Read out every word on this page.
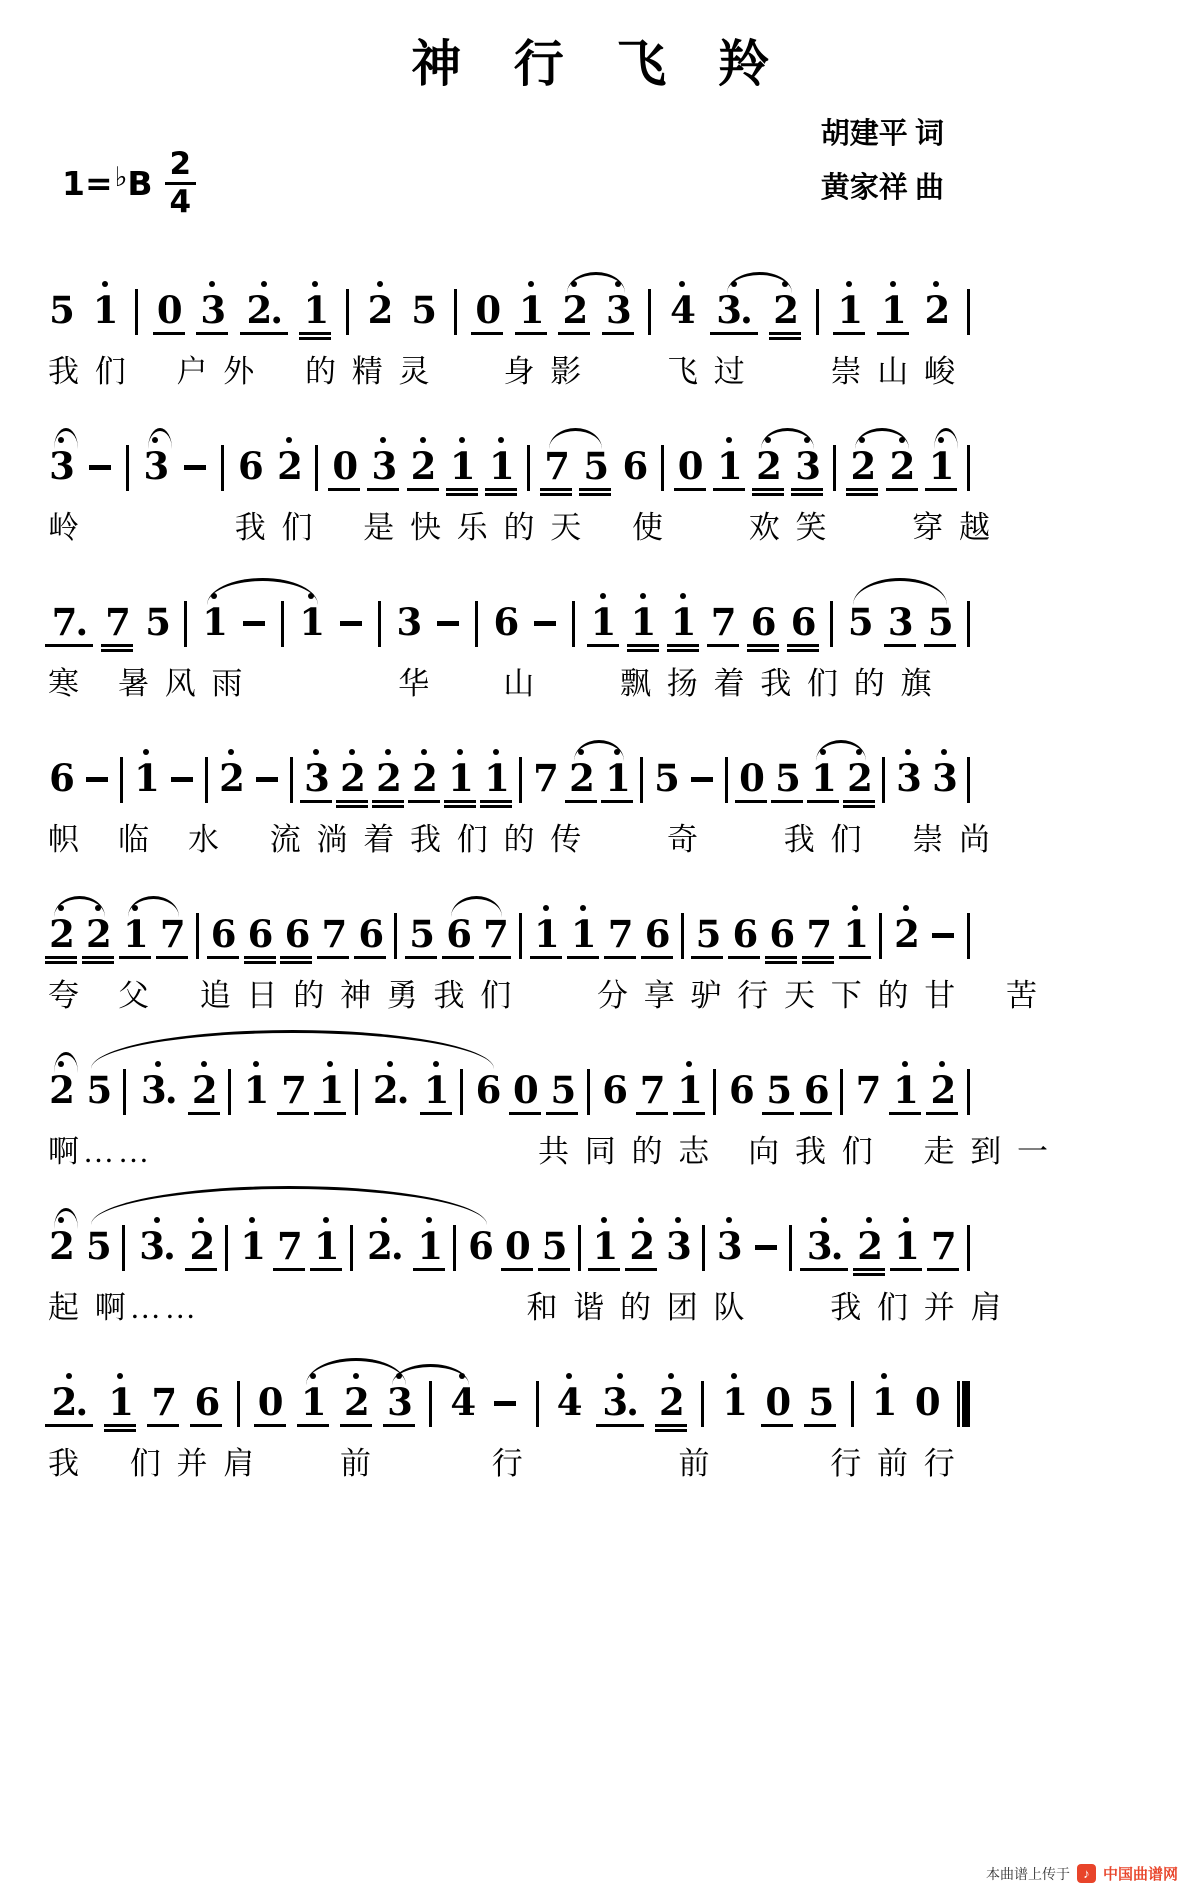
神 行 飞 羚
1= ♭ B $\frac{2}{4}$
胡建平 词
黄家祥 曲
5 1 0 3 2. 1 2 5 0 1 2 3 4 3. 2 1 1 2
我 们　 户 外　 的 精 灵　　身 影　　 飞 过　　 崇 山 峻
3 3 6 2 0 3 2 1 1 7 5 6 0 1 2 3 2 2 1
岭　　　　 我 们　 是 快 乐 的 天　 使　　 欢 笑　　 穿 越
7. 7 5 1 1 3 6 1 1 1 7 6 6 5 3 5
寒　暑 风 雨　　　　 华　　山　　 飘 扬 着 我 们 的 旗
6 1 2 3 2 2 2 1 1 7 2 1 5 0 5 1 2 3 3
帜　临　水　 流 淌 着 我 们 的 传　　 奇　　 我 们　 崇 尚
2 2 1 7 6 6 6 7 6 5 6 7 1 1 7 6 5 6 6 7 1 2
夸　父　 追 日 的 神 勇 我 们　　 分 享 驴 行 天 下 的 甘　 苦
2 5 3. 2 1 7 1 2. 1 6 0 5 6 7 1 6 5 6 7 1 2
啊……　　　　　　　　　　　共 同 的 志　向 我 们　 走 到 一
2 5 3. 2 1 7 1 2. 1 6 0 5 1 2 3 3 3. 2 1 7
起 啊……　　　　　　　　　 和 谐 的 团 队　　 我 们 并 肩
2. 1 7 6 0 1 2 3 4 4 3. 2 1 0 5 1 0
我　 们 并 肩　　 前　　　 行　　　　 前　　　 行 前 行
本曲谱上传于	♪ 中国曲谱网
